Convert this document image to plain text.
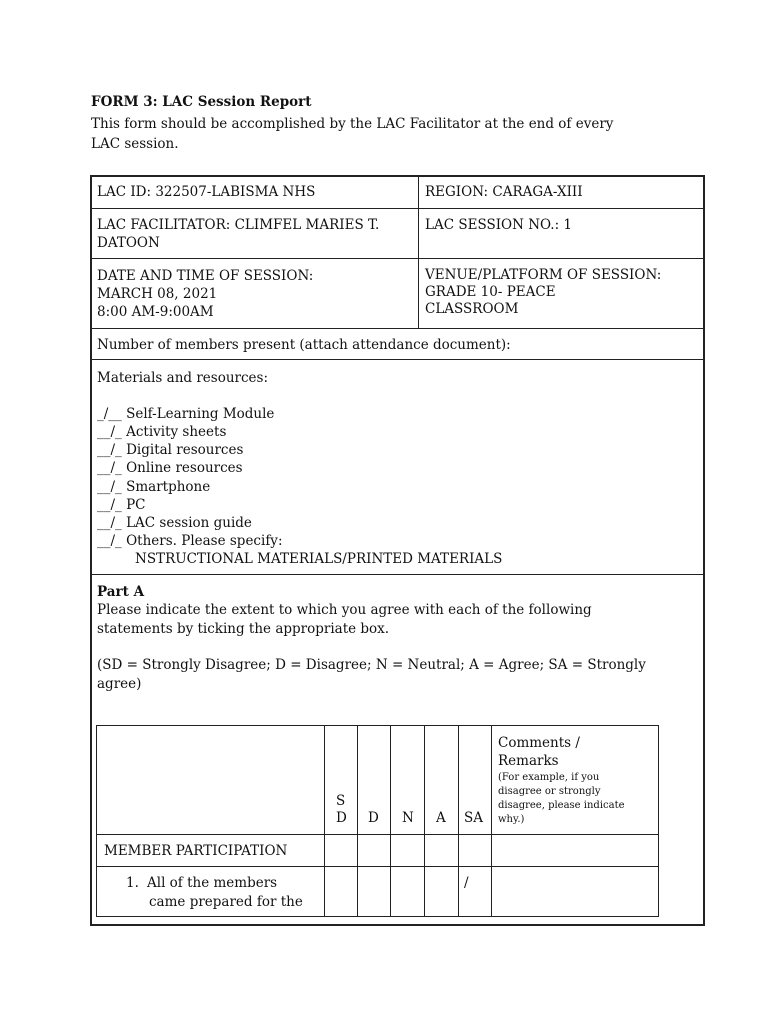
FORM 3: LAC Session Report
This form should be accomplished by the LAC Facilitator at the end of every
LAC session.
LAC ID: 322507-LABISMA NHS	REGION: CARAGA-XIII
LAC FACILITATOR: CLIMFEL MARIES T.
DATOON
LAC SESSION NO.: 1
DATE AND TIME OF SESSION:
MARCH 08, 2021
8:00 AM-9:00AM
VENUE/PLATFORM OF SESSION:
GRADE 10- PEACE
CLASSROOM
Number of members present (attach attendance document):
Materials and resources:
_/__ Self-Learning Module
__/_ Activity sheets
__/_ Digital resources
__/_ Online resources
__/_ Smartphone
__/_ PC
__/_ LAC session guide
__/_ Others. Please specify:
NSTRUCTIONAL MATERIALS/PRINTED MATERIALS
Part A
Please indicate the extent to which you agree with each of the following
statements by ticking the appropriate box.
(SD = Strongly Disagree; D = Disagree; N = Neutral; A = Agree; SA = Strongly
agree)
S
D D N A SA
Comments /
Remarks
(For example, if you disagree or strongly disagree, please indicate why.)
MEMBER PARTICIPATION
1. All of the members
came prepared for the
/
